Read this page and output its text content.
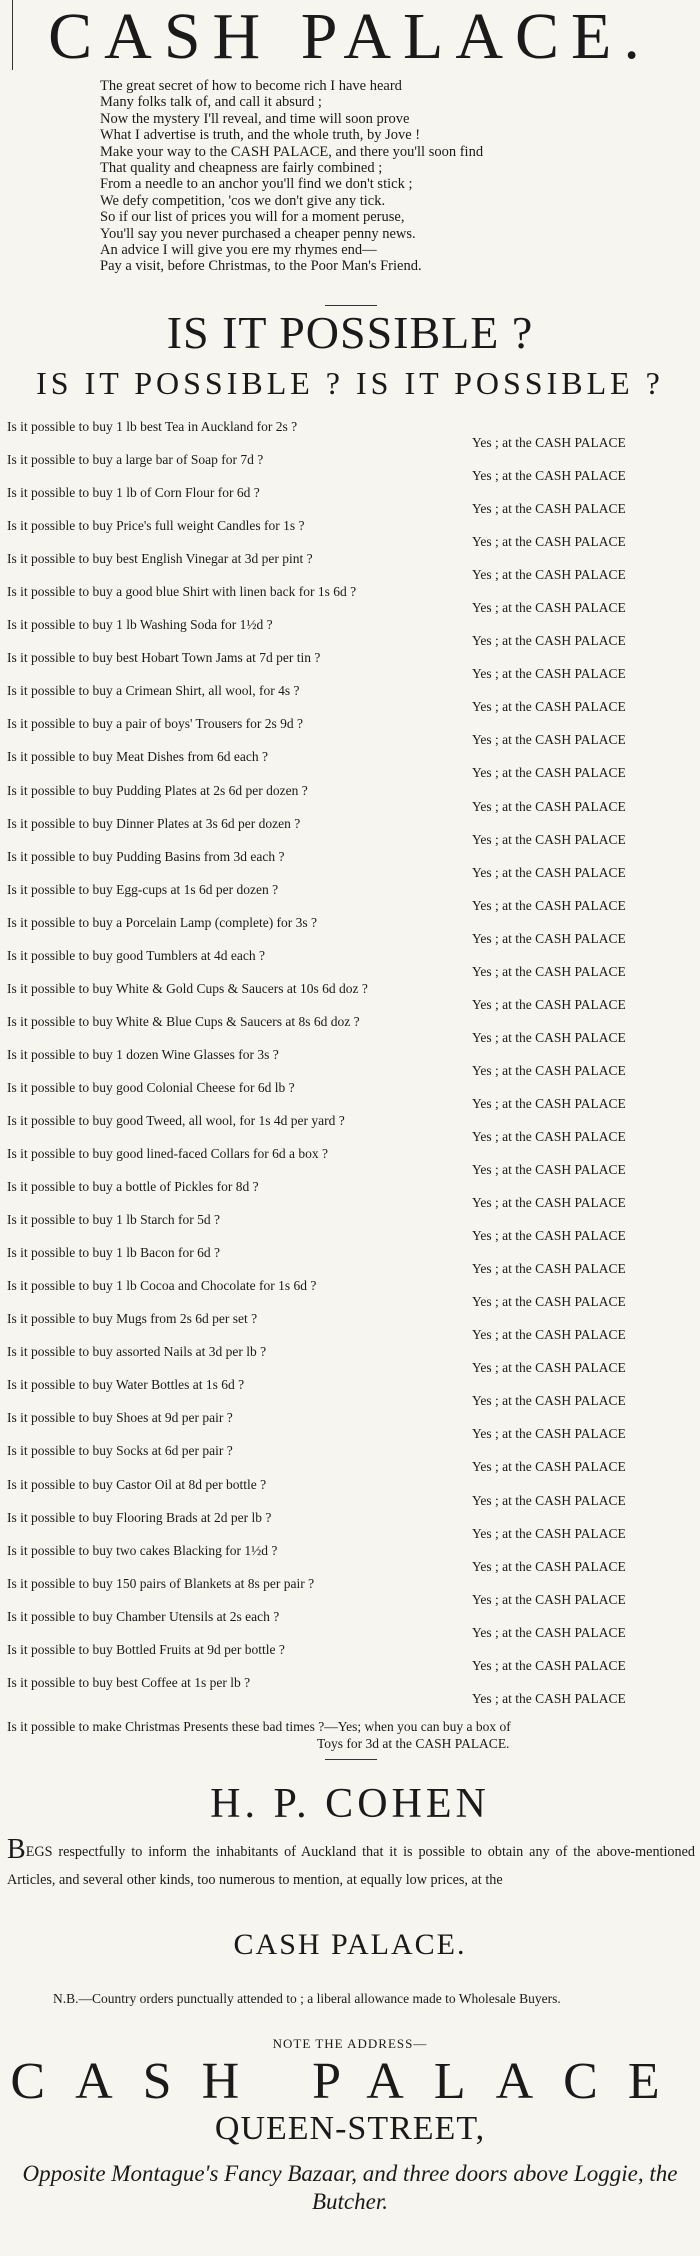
CASH PALACE.
The great secret of how to become rich I have heard
Many folks talk of, and call it absurd ;
Now the mystery I'll reveal, and time will soon prove
What I advertise is truth, and the whole truth, by Jove !
Make your way to the CASH PALACE, and there you'll soon find
That quality and cheapness are fairly combined ;
From a needle to an anchor you'll find we don't stick ;
We defy competition, 'cos we don't give any tick.
So if our list of prices you will for a moment peruse,
You'll say you never purchased a cheaper penny news.
An advice I will give you ere my rhymes end—
Pay a visit, before Christmas, to the Poor Man's Friend.
IS IT POSSIBLE ?
IS IT POSSIBLE ? IS IT POSSIBLE ?
Is it possible to buy 1 lb best Tea in Auckland for 2s ?
Yes ; at the CASH PALACE
Is it possible to buy a large bar of Soap for 7d ?
Yes ; at the CASH PALACE
Is it possible to buy 1 lb of Corn Flour for 6d ?
Yes ; at the CASH PALACE
Is it possible to buy Price's full weight Candles for 1s ?
Yes ; at the CASH PALACE
Is it possible to buy best English Vinegar at 3d per pint ?
Yes ; at the CASH PALACE
Is it possible to buy a good blue Shirt with linen back for 1s 6d ?
Yes ; at the CASH PALACE
Is it possible to buy 1 lb Washing Soda for 1½d ?
Yes ; at the CASH PALACE
Is it possible to buy best Hobart Town Jams at 7d per tin ?
Yes ; at the CASH PALACE
Is it possible to buy a Crimean Shirt, all wool, for 4s ?
Yes ; at the CASH PALACE
Is it possible to buy a pair of boys' Trousers for 2s 9d ?
Yes ; at the CASH PALACE
Is it possible to buy Meat Dishes from 6d each ?
Yes ; at the CASH PALACE
Is it possible to buy Pudding Plates at 2s 6d per dozen ?
Yes ; at the CASH PALACE
Is it possible to buy Dinner Plates at 3s 6d per dozen ?
Yes ; at the CASH PALACE
Is it possible to buy Pudding Basins from 3d each ?
Yes ; at the CASH PALACE
Is it possible to buy Egg-cups at 1s 6d per dozen ?
Yes ; at the CASH PALACE
Is it possible to buy a Porcelain Lamp (complete) for 3s ?
Yes ; at the CASH PALACE
Is it possible to buy good Tumblers at 4d each ?
Yes ; at the CASH PALACE
Is it possible to buy White & Gold Cups & Saucers at 10s 6d doz ?
Yes ; at the CASH PALACE
Is it possible to buy White & Blue Cups & Saucers at 8s 6d doz ?
Yes ; at the CASH PALACE
Is it possible to buy 1 dozen Wine Glasses for 3s ?
Yes ; at the CASH PALACE
Is it possible to buy good Colonial Cheese for 6d lb ?
Yes ; at the CASH PALACE
Is it possible to buy good Tweed, all wool, for 1s 4d per yard ?
Yes ; at the CASH PALACE
Is it possible to buy good lined-faced Collars for 6d a box ?
Yes ; at the CASH PALACE
Is it possible to buy a bottle of Pickles for 8d ?
Yes ; at the CASH PALACE
Is it possible to buy 1 lb Starch for 5d ?
Yes ; at the CASH PALACE
Is it possible to buy 1 lb Bacon for 6d ?
Yes ; at the CASH PALACE
Is it possible to buy 1 lb Cocoa and Chocolate for 1s 6d ?
Yes ; at the CASH PALACE
Is it possible to buy Mugs from 2s 6d per set ?
Yes ; at the CASH PALACE
Is it possible to buy assorted Nails at 3d per lb ?
Yes ; at the CASH PALACE
Is it possible to buy Water Bottles at 1s 6d ?
Yes ; at the CASH PALACE
Is it possible to buy Shoes at 9d per pair ?
Yes ; at the CASH PALACE
Is it possible to buy Socks at 6d per pair ?
Yes ; at the CASH PALACE
Is it possible to buy Castor Oil at 8d per bottle ?
Yes ; at the CASH PALACE
Is it possible to buy Flooring Brads at 2d per lb ?
Yes ; at the CASH PALACE
Is it possible to buy two cakes Blacking for 1½d ?
Yes ; at the CASH PALACE
Is it possible to buy 150 pairs of Blankets at 8s per pair ?
Yes ; at the CASH PALACE
Is it possible to buy Chamber Utensils at 2s each ?
Yes ; at the CASH PALACE
Is it possible to buy Bottled Fruits at 9d per bottle ?
Yes ; at the CASH PALACE
Is it possible to buy best Coffee at 1s per lb ?
Yes ; at the CASH PALACE
Is it possible to make Christmas Presents these bad times ?—Yes; when you can buy a box of
Toys for 3d at the CASH PALACE.
H. P. COHEN
BEGS respectfully to inform the inhabitants of Auckland that it is possible to obtain any of the above-mentioned Articles, and several other kinds, too numerous to mention, at equally low prices, at the
CASH PALACE.
N.B.—Country orders punctually attended to ; a liberal allowance made to Wholesale Buyers.
NOTE THE ADDRESS—
CASH PALACE
QUEEN-STREET,
Opposite Montague's Fancy Bazaar, and three doors above Loggie, the Butcher.
